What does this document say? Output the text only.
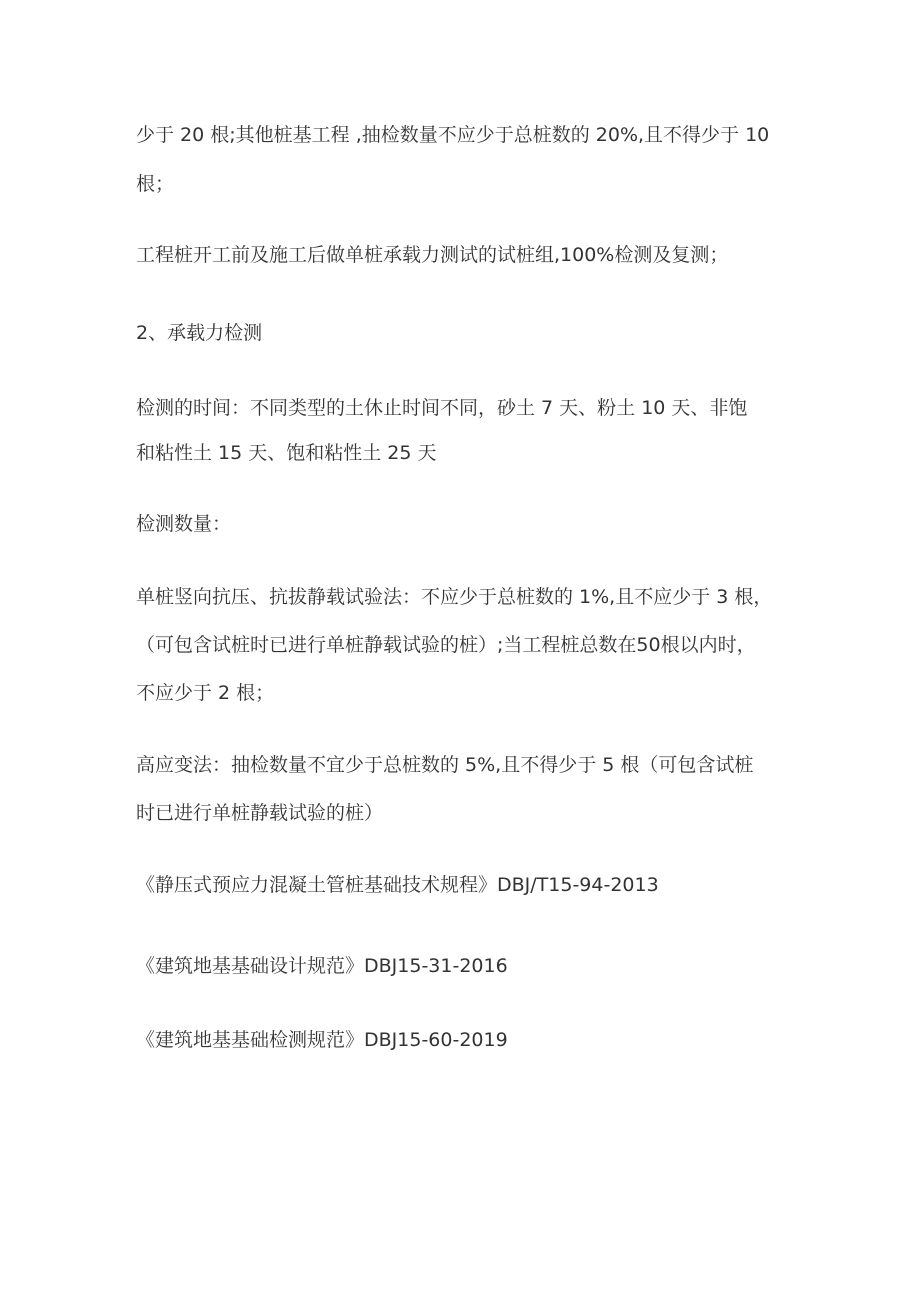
少于 20 根;其他桩基工程 ,抽检数量不应少于总桩数的 20%,且不得少于 10
根；
工程桩开工前及施工后做单桩承载力测试的试桩组,100%检测及复测；
2、承载力检测
检测的时间：不同类型的土休止时间不同，砂土 7 天、粉土 10 天、非饱
和粘性土 15 天、饱和粘性土 25 天
检测数量：
单桩竖向抗压、抗拔静载试验法：不应少于总桩数的 1%,且不应少于 3 根，
（可包含试桩时已进行单桩静载试验的桩）;当工程桩总数在50根以内时，
不应少于 2 根；
高应变法：抽检数量不宜少于总桩数的 5%,且不得少于 5 根（可包含试桩
时已进行单桩静载试验的桩）
《静压式预应力混凝土管桩基础技术规程》DBJ/T15-94-2013
《建筑地基基础设计规范》DBJ15-31-2016
《建筑地基基础检测规范》DBJ15-60-2019
